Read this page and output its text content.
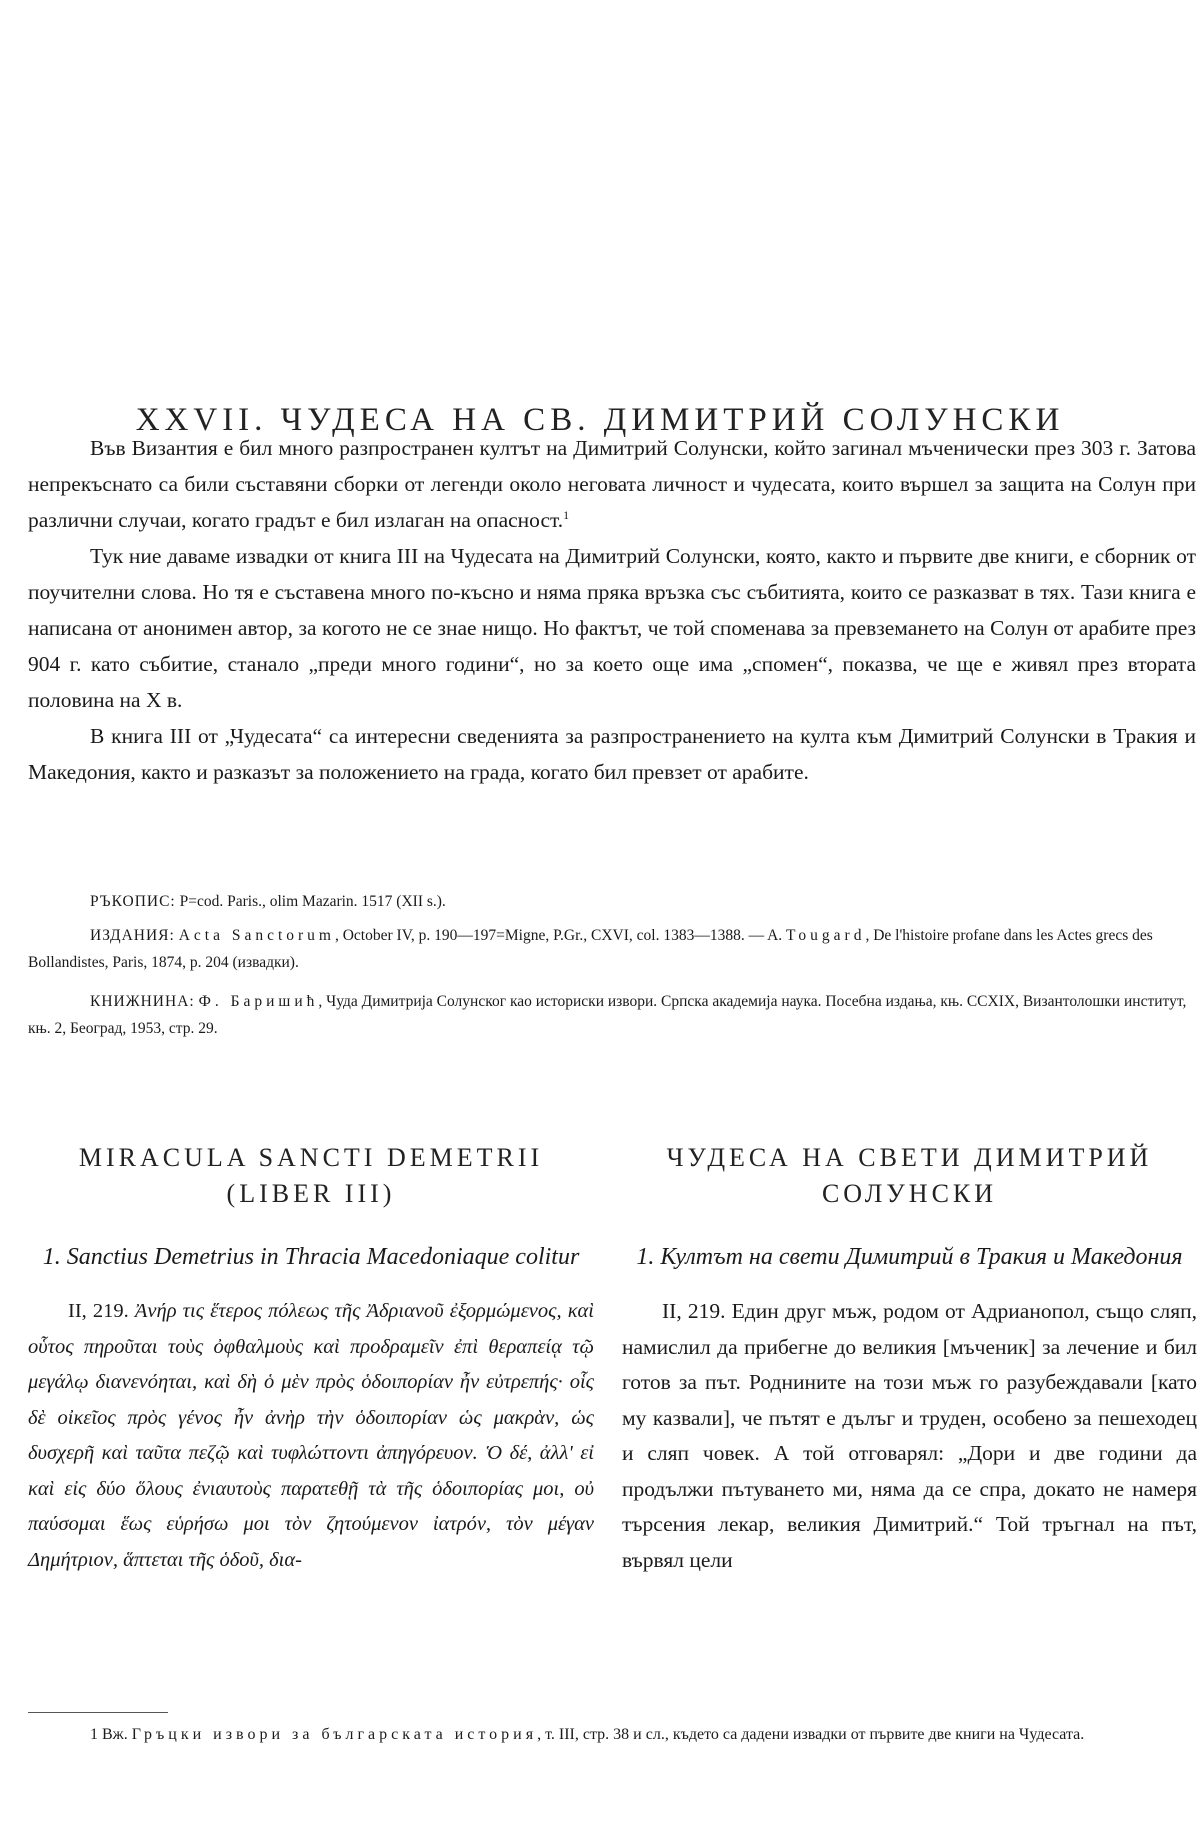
XXVII. ЧУДЕСА НА СВ. ДИМИТРИЙ СОЛУНСКИ

Във Византия е бил много разпространен култът на Димитрий Солунски, който загинал мъченически през 303 г. Затова непрекъснато са били съставяни сборки от легенди около неговата личност и чудесата, които вършел за защита на Солун при различни случаи, когато градът е бил излаган на опасност.$^1$

Тук ние даваме извадки от книга III на Чудесата на Димитрий Солунски, която, както и първите две книги, е сборник от поучителни слова. Но тя е съставена много по-късно и няма пряка връзка със събитията, които се разказват в тях. Тази книга е написана от анонимен автор, за когото не се знае нищо. Но фактът, че той споменава за превземането на Солун от арабите през 904 г. като събитие, станало „преди много години“, но за което още има „спомен“, показва, че ще е живял през втората половина на X в.

В книга III от „Чудесата“ са интересни сведенията за разпространението на култа към Димитрий Солунски в Тракия и Македония, както и разказът за положението на града, когато бил превзет от арабите.

РЪКОПИС: P=cod. Paris., olim Mazarin. 1517 (XII s.).
ИЗДАНИЯ: Acta Sanctorum, October IV, p. 190—197=Migne, P.Gr., CXVI, col. 1383—1388. — A. Tougard, De l'histoire profane dans les Actes grecs des Bollandistes, Paris, 1874, p. 204 (извадки).
КНИЖНИНА: Ф. Баришић, Чуда Димитрија Солунског као историски извори. Српска академија наука. Посебна издања, књ. CCXIX, Византолошки институт, књ. 2, Београд, 1953, стр. 29.
MIRACULA SANCTI DEMETRII
(LIBER III)
1. Sanctius Demetrius in Thracia Macedoniaque colitur

II, 219. Ἀνήρ τις ἕτερος πόλεως τῆς Ἀδριανοῦ ἐξορμώμενος, καὶ οὗτος πηροῦται τοὺς ὀφθαλμοὺς καὶ προδραμεῖν ἐπὶ θεραπείᾳ τῷ μεγάλῳ διανενόηται, καὶ δὴ ὁ μὲν πρὸς ὁδοιπορίαν ἦν εὐτρεπής· οἷς δὲ οἰκεῖος πρὸς γένος ἦν ἀνὴρ τὴν ὁδοιπορίαν ὡς μακρὰν, ὡς δυσχερῆ καὶ ταῦτα πεζῷ καὶ τυφλώττοντι ἀπηγόρευον. Ὁ δέ, ἀλλ' εἰ καὶ εἰς δύο ὅλους ἐνιαυτοὺς παρατεθῇ τὰ τῆς ὁδοιπορίας μοι, οὐ παύσομαι ἕως εὑρήσω μοι τὸν ζητούμενον ἰατρόν, τὸν μέγαν Δημήτριον, ἅπτεται τῆς ὁδοῦ, δια-

ЧУДЕСА НА СВЕТИ ДИМИТРИЙ
СОЛУНСКИ
1. Култът на свети Димитрий в Тракия и Македония

II, 219. Един друг мъж, родом от Адрианопол, също сляп, намислил да прибегне до великия [мъченик] за лечение и бил готов за път. Роднините на този мъж го разубеждавали [като му казвали], че пътят е дълъг и труден, особено за пешеходец и сляп човек. А той отговарял: „Дори и две години да продължи пътуването ми, няма да се спра, докато не намеря търсения лекар, великия Димитрий.“ Той тръгнал на път, вървял цели

1 Вж. Гръцки извори за българската история, т. III, стр. 38 и сл., където са дадени извадки от първите две книги на Чудесата.
